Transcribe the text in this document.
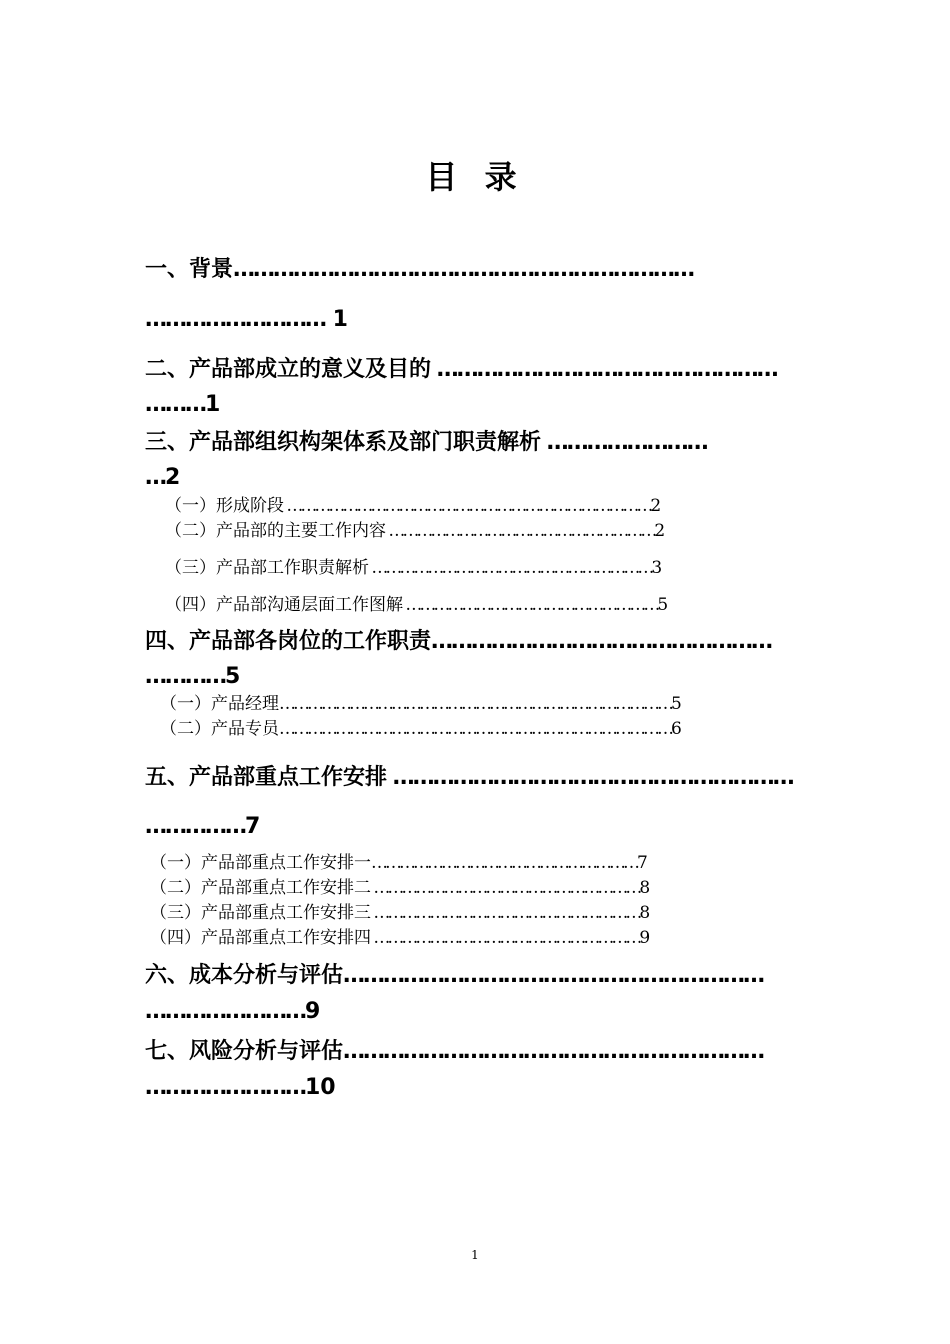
目 录
一、背景……………………………………………………………
……………………… 1
二、产品部成立的意义及目的 ……………………………………………
………1
三、产品部组织构架体系及部门职责解析 ……………………
…2
（一）形成阶段 ……………………………………………………………………2
（二）产品部的主要工作内容 …………………………………………………2
（三）产品部工作职责解析 ……………………………………………………3
（四）产品部沟通层面工作图解 ………………………………………………5
四、产品部各岗位的工作职责……………………………………………
…………5
（一）产品经理…………………………………………………………………………5
（二）产品专员…………………………………………………………………………6
五、产品部重点工作安排 ……………………………………………………
……………7
（一）产品部重点工作安排一…………………………………………………7
（二）产品部重点工作安排二 …………………………………………………8
（三）产品部重点工作安排三 …………………………………………………8
（四）产品部重点工作安排四 …………………………………………………9
六、成本分析与评估………………………………………………………
……………………9
七、风险分析与评估………………………………………………………
……………………10
1
